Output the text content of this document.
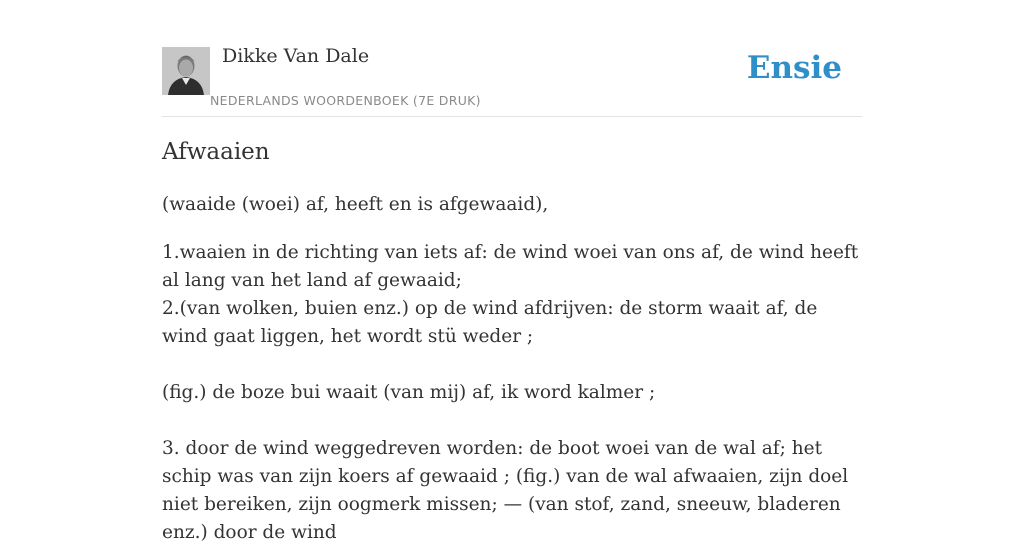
Dikke Van Dale
NEDERLANDS WOORDENBOEK (7E DRUK)
Ensie
Afwaaien
(waaide (woei) af, heeft en is afgewaaid),

1.waaien in de richting van iets af: de wind woei van ons af, de wind heeft al lang van het land af gewaaid;

2.(van wolken, buien enz.) op de wind afdrijven: de storm waait af, de wind gaat liggen, het wordt stü weder ;

(fig.) de boze bui waait (van mij) af, ik word kalmer ;

3. door de wind weggedreven worden: de boot woei van de wal af; het schip was van zijn koers af gewaaid ; (fig.) van de wal afwaaien, zijn doel niet bereiken, zijn oogmerk missen; — (van stof, zand, sneeuw, bladeren enz.) door de wind
